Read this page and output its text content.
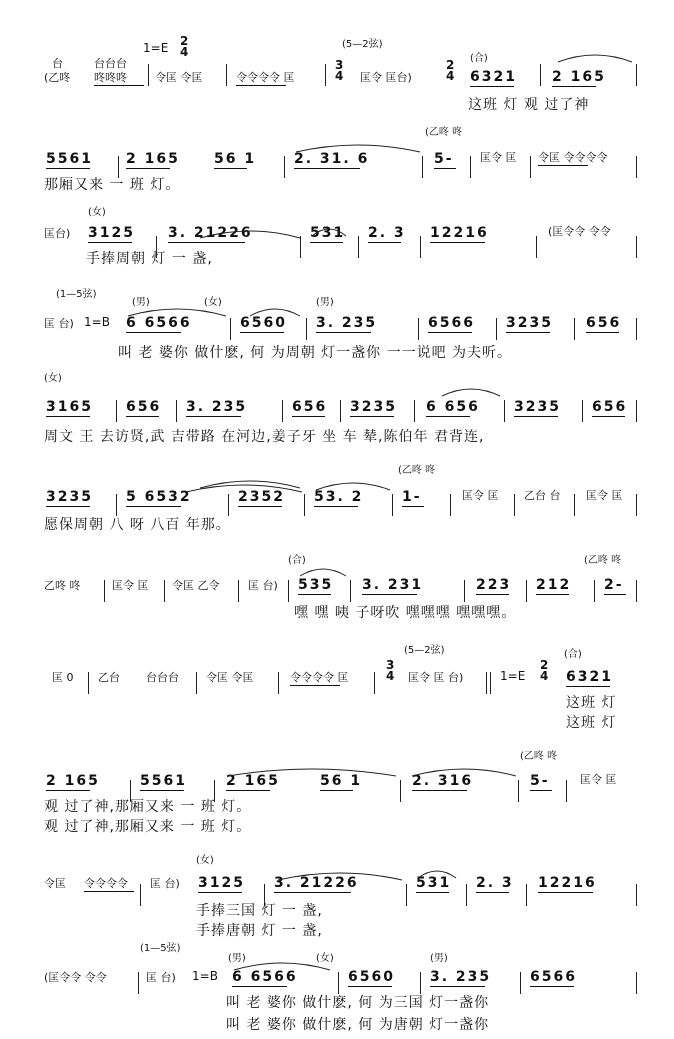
1=E 2
4
台	台台台
(乙咚 咚咚咚	令匡 令匡	令令令令 匡
(5—2弦)
3
4 匡令 匡台)
2
4
(合)
6321	2 165
这班 灯 观 过了神
(乙咚 咚
5561 2 165 56 1	2. 31. 6	5- 匡令 匡 令匡 令令令令
那厢又来 一 班 灯。
(女)
匡台) 3125 3. 21226	531 2. 3 12216	(匡令令 令令
手捧周朝 灯 一 盏,
(1—5弦)
(男)	(女)	(男)
匡 台) 1=B 6 6566	6560 3. 235	6566 3235 656
叫 老 婆你 做什麽, 何 为周朝 灯一盏你 一一说吧 为夫听。
(女)
3165 656 3. 235	656 3235 6 656 3235 656
周文 王 去访贤,武 吉带路 在河边,姜子牙 坐 车 辇,陈伯年 君背连,
(乙咚 咚
3235 5 6532	2352 53. 2	1-	匡令 匡 乙台 台 匡令 匡
愿保周朝 八 呀 八百 年那。
(合)	(乙咚 咚
乙咚 咚	匡令 匡 令匡 乙令	匡 台) 535 3. 231	223 212 2-
嘿 嘿 咦 子呀吹 嘿嘿嘿 嘿嘿嘿。
(5—2弦)	(合)
匡 0 乙台 台台台 令匡 令匡	令令令令 匡
3
4 匡令 匡 台)	1=E
2
4 6321
这班 灯
这班 灯
(乙咚 咚
2 165	5561	2 165	56 1	2. 316	5-	匡令 匡
观 过了神,那厢又来 一 班 灯。
观 过了神,那厢又来 一 班 灯。
(女)
令匡 令令令令 匡 台) 3125 3. 21226	531 2. 3 12216
手捧三国 灯 一 盏,
手捧唐朝 灯 一 盏,
(1—5弦)
(男)	(女)	(男)
(匡令令 令令	匡 台) 1=B 6 6566	6560	3. 235	6566
叫 老 婆你 做什麽, 何 为三国 灯一盏你
叫 老 婆你 做什麽, 何 为唐朝 灯一盏你
